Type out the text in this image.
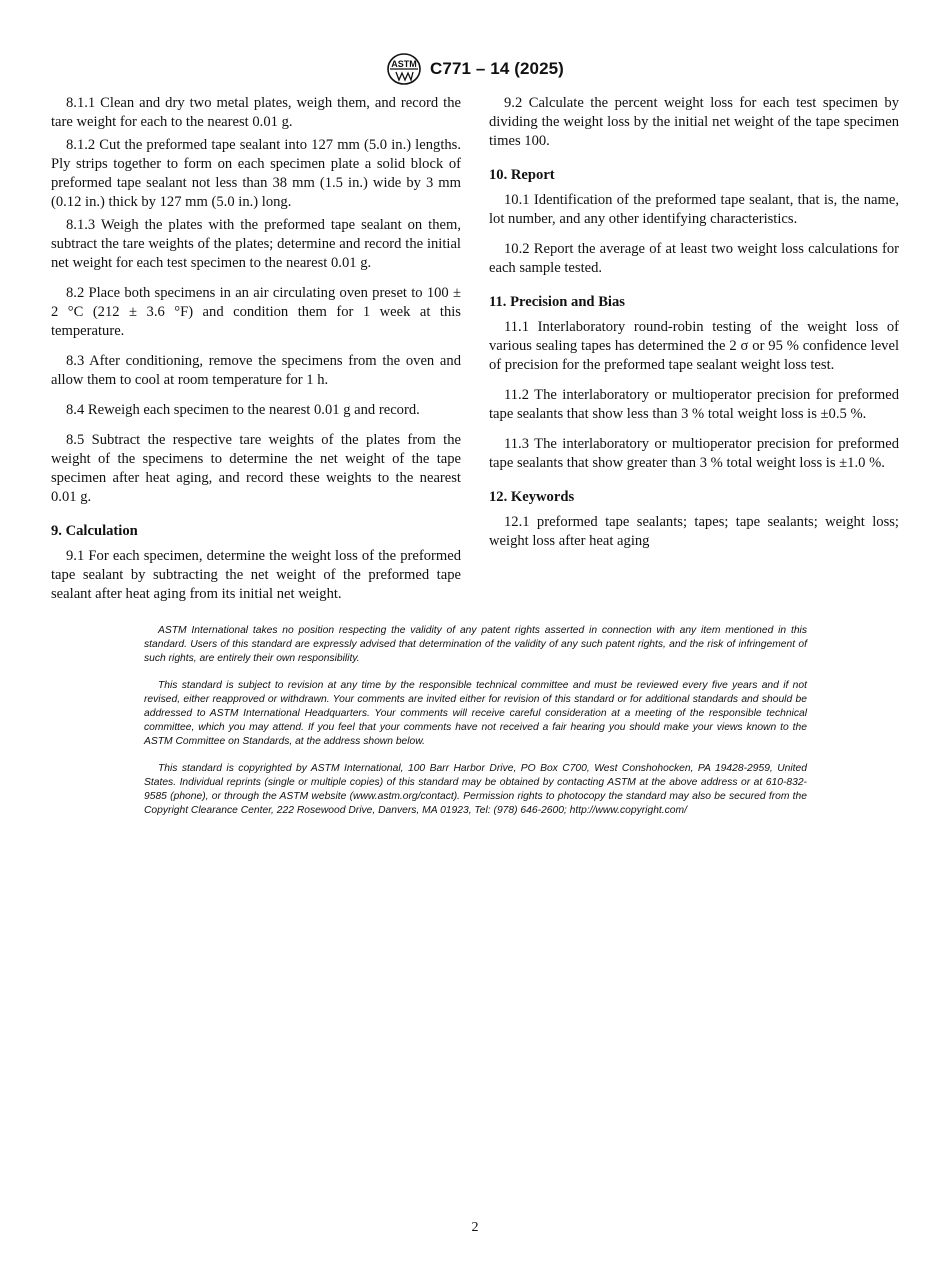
ASTM C771 – 14 (2025)

8.1.1 Clean and dry two metal plates, weigh them, and record the tare weight for each to the nearest 0.01 g.

8.1.2 Cut the preformed tape sealant into 127 mm (5.0 in.) lengths. Ply strips together to form on each specimen plate a solid block of preformed tape sealant not less than 38 mm (1.5 in.) wide by 3 mm (0.12 in.) thick by 127 mm (5.0 in.) long.

8.1.3 Weigh the plates with the preformed tape sealant on them, subtract the tare weights of the plates; determine and record the initial net weight for each test specimen to the nearest 0.01 g.

8.2 Place both specimens in an air circulating oven preset to 100 ± 2 °C (212 ± 3.6 °F) and condition them for 1 week at this temperature.

8.3 After conditioning, remove the specimens from the oven and allow them to cool at room temperature for 1 h.

8.4 Reweigh each specimen to the nearest 0.01 g and record.

8.5 Subtract the respective tare weights of the plates from the weight of the specimens to determine the net weight of the tape specimen after heat aging, and record these weights to the nearest 0.01 g.

9. Calculation

9.1 For each specimen, determine the weight loss of the preformed tape sealant by subtracting the net weight of the preformed tape sealant after heat aging from its initial net weight.

9.2 Calculate the percent weight loss for each test specimen by dividing the weight loss by the initial net weight of the tape specimen times 100.

10. Report

10.1 Identification of the preformed tape sealant, that is, the name, lot number, and any other identifying characteristics.

10.2 Report the average of at least two weight loss calculations for each sample tested.

11. Precision and Bias

11.1 Interlaboratory round-robin testing of the weight loss of various sealing tapes has determined the 2 σ or 95 % confidence level of precision for the preformed tape sealant weight loss test.

11.2 The interlaboratory or multioperator precision for preformed tape sealants that show less than 3 % total weight loss is ±0.5 %.

11.3 The interlaboratory or multioperator precision for preformed tape sealants that show greater than 3 % total weight loss is ±1.0 %.

12. Keywords

12.1 preformed tape sealants; tapes; tape sealants; weight loss; weight loss after heat aging

ASTM International takes no position respecting the validity of any patent rights asserted in connection with any item mentioned in this standard. Users of this standard are expressly advised that determination of the validity of any such patent rights, and the risk of infringement of such rights, are entirely their own responsibility.

This standard is subject to revision at any time by the responsible technical committee and must be reviewed every five years and if not revised, either reapproved or withdrawn. Your comments are invited either for revision of this standard or for additional standards and should be addressed to ASTM International Headquarters. Your comments will receive careful consideration at a meeting of the responsible technical committee, which you may attend. If you feel that your comments have not received a fair hearing you should make your views known to the ASTM Committee on Standards, at the address shown below.

This standard is copyrighted by ASTM International, 100 Barr Harbor Drive, PO Box C700, West Conshohocken, PA 19428-2959, United States. Individual reprints (single or multiple copies) of this standard may be obtained by contacting ASTM at the above address or at 610-832-9585 (phone), or through the ASTM website (www.astm.org/contact). Permission rights to photocopy the standard may also be secured from the Copyright Clearance Center, 222 Rosewood Drive, Danvers, MA 01923, Tel: (978) 646-2600; http://www.copyright.com/

2
